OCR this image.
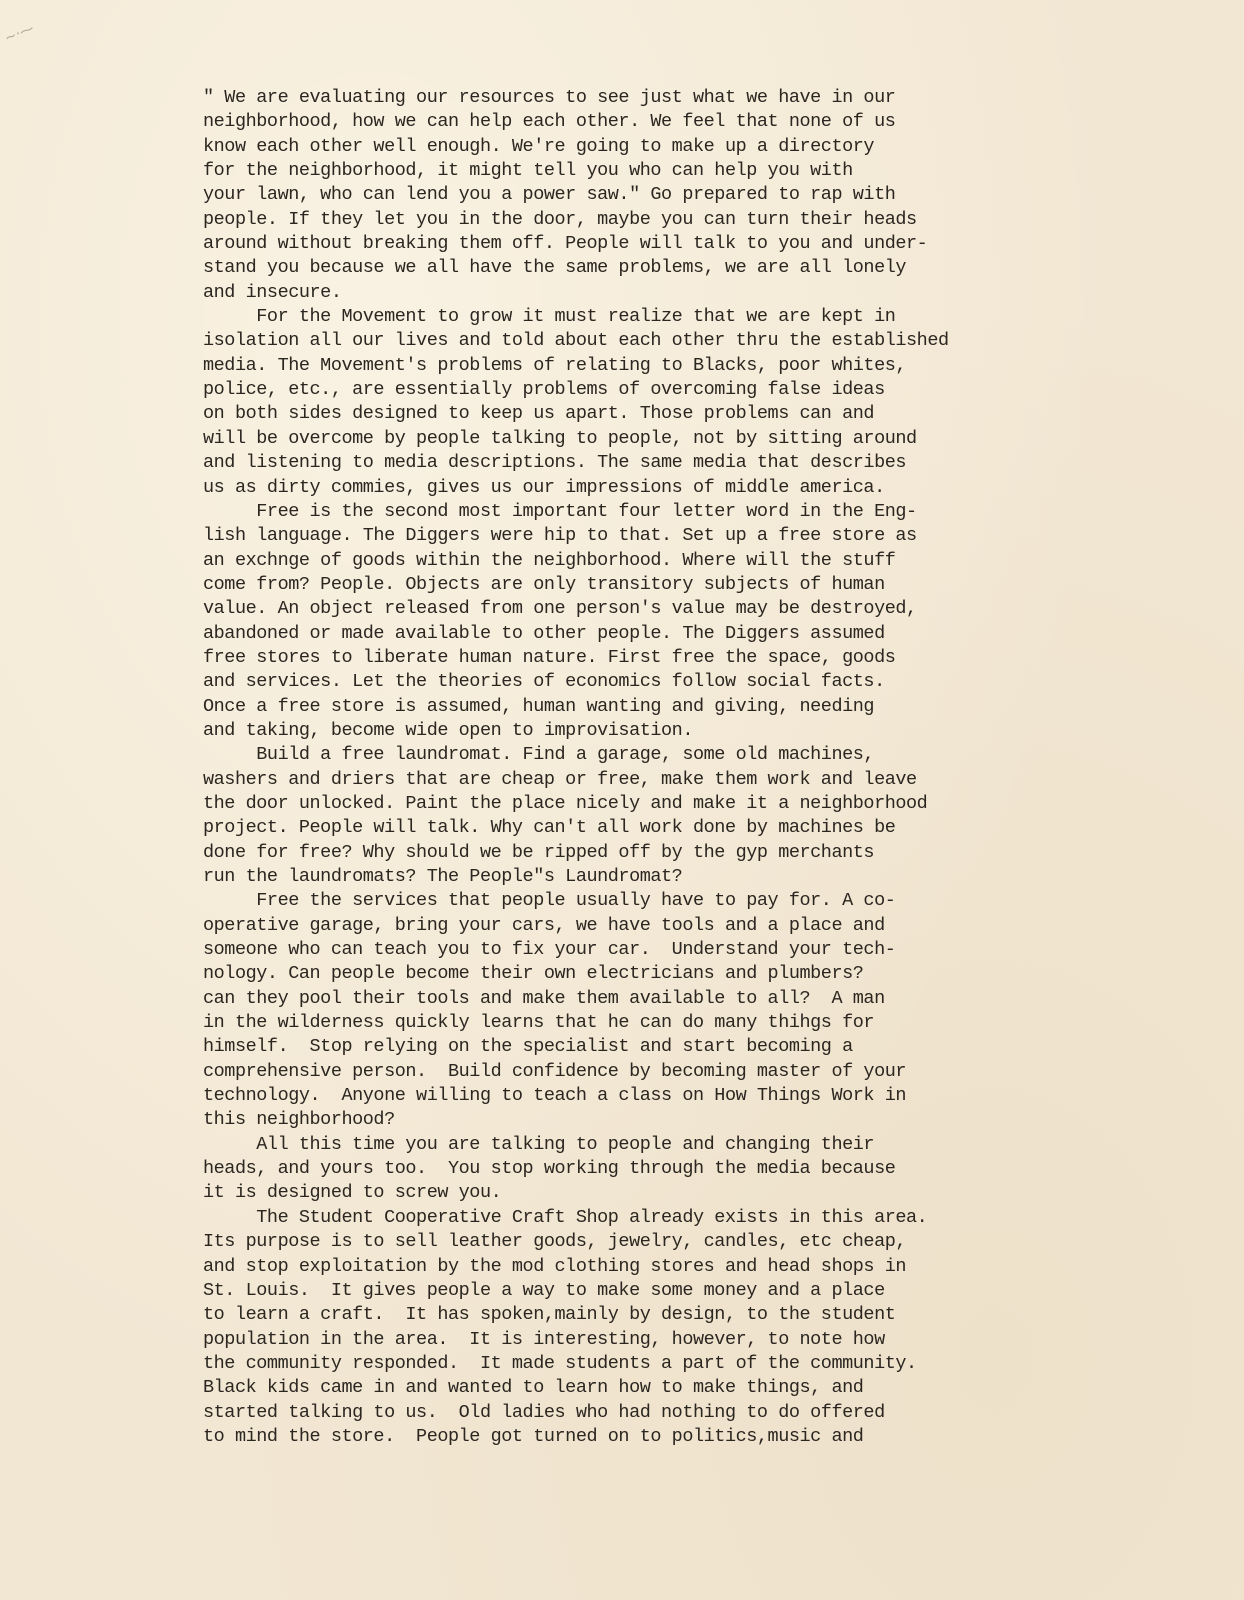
∼·⁓
" We are evaluating our resources to see just what we have in our
neighborhood, how we can help each other. We feel that none of us
know each other well enough. We're going to make up a directory
for the neighborhood, it might tell you who can help you with
your lawn, who can lend you a power saw." Go prepared to rap with
people. If they let you in the door, maybe you can turn their heads
around without breaking them off. People will talk to you and under-
stand you because we all have the same problems, we are all lonely
and insecure.
For the Movement to grow it must realize that we are kept in
isolation all our lives and told about each other thru the established
media. The Movement's problems of relating to Blacks, poor whites,
police, etc., are essentially problems of overcoming false ideas
on both sides designed to keep us apart. Those problems can and
will be overcome by people talking to people, not by sitting around
and listening to media descriptions. The same media that describes
us as dirty commies, gives us our impressions of middle america.
Free is the second most important four letter word in the Eng-
lish language. The Diggers were hip to that. Set up a free store as
an exchnge of goods within the neighborhood. Where will the stuff
come from? People. Objects are only transitory subjects of human
value. An object released from one person's value may be destroyed,
abandoned or made available to other people. The Diggers assumed
free stores to liberate human nature. First free the space, goods
and services. Let the theories of economics follow social facts.
Once a free store is assumed, human wanting and giving, needing
and taking, become wide open to improvisation.
Build a free laundromat. Find a garage, some old machines,
washers and driers that are cheap or free, make them work and leave
the door unlocked. Paint the place nicely and make it a neighborhood
project. People will talk. Why can't all work done by machines be
done for free? Why should we be ripped off by the gyp merchants
run the laundromats? The People"s Laundromat?
Free the services that people usually have to pay for. A co-
operative garage, bring your cars, we have tools and a place and
someone who can teach you to fix your car.  Understand your tech-
nology. Can people become their own electricians and plumbers?
can they pool their tools and make them available to all?  A man
in the wilderness quickly learns that he can do many thihgs for
himself.  Stop relying on the specialist and start becoming a
comprehensive person.  Build confidence by becoming master of your
technology.  Anyone willing to teach a class on How Things Work in
this neighborhood?
All this time you are talking to people and changing their
heads, and yours too.  You stop working through the media because
it is designed to screw you.
The Student Cooperative Craft Shop already exists in this area.
Its purpose is to sell leather goods, jewelry, candles, etc cheap,
and stop exploitation by the mod clothing stores and head shops in
St. Louis.  It gives people a way to make some money and a place
to learn a craft.  It has spoken,mainly by design, to the student
population in the area.  It is interesting, however, to note how
the community responded.  It made students a part of the community.
Black kids came in and wanted to learn how to make things, and
started talking to us.  Old ladies who had nothing to do offered
to mind the store.  People got turned on to politics,music and
